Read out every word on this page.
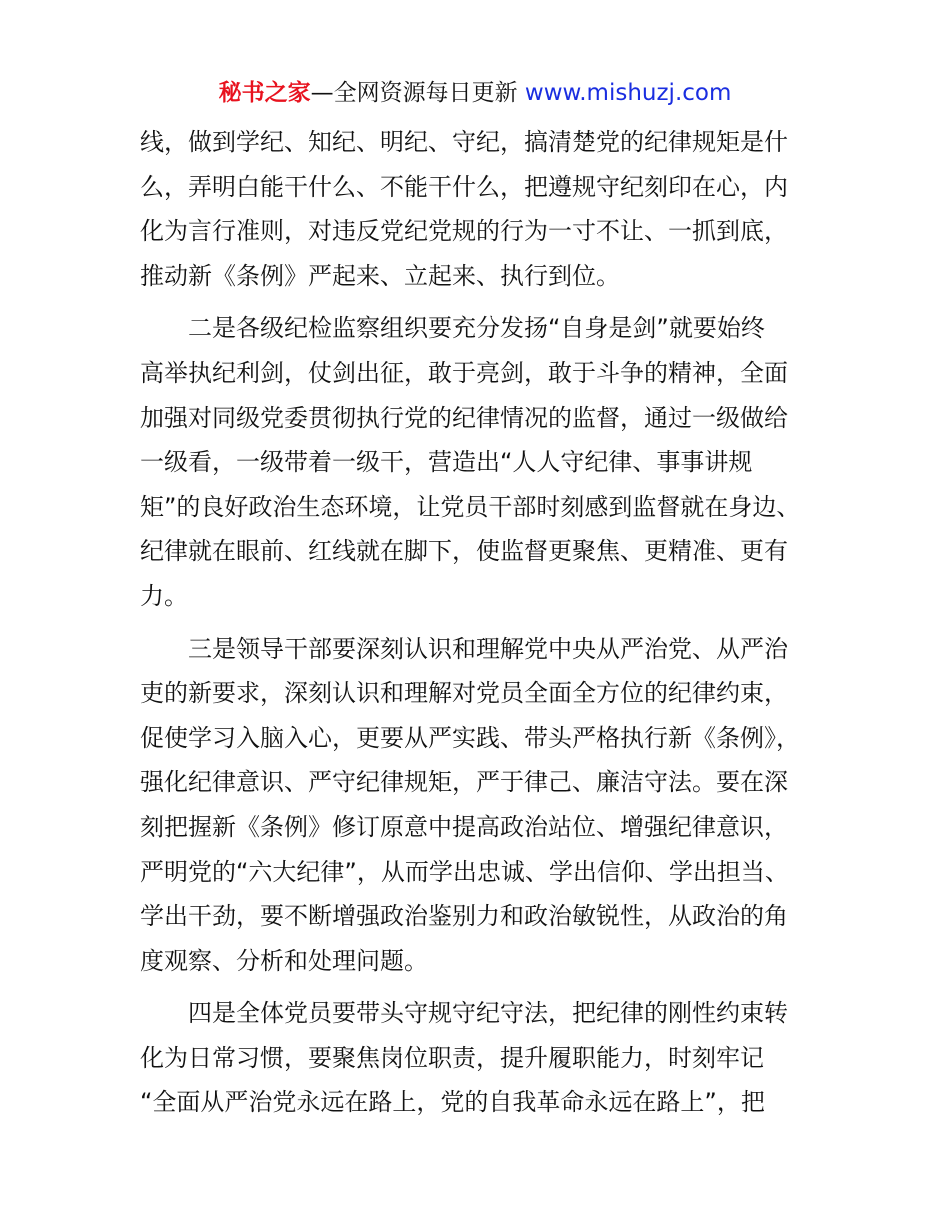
秘书之家—全网资源每日更新 www.mishuzj.com
线，做到学纪、知纪、明纪、守纪，搞清楚党的纪律规矩是什
么，弄明白能干什么、不能干什么，把遵规守纪刻印在心，内
化为言行准则，对违反党纪党规的行为一寸不让、一抓到底，
推动新《条例》严起来、立起来、执行到位。
二是各级纪检监察组织要充分发扬“自身是剑”就要始终
高举执纪利剑，仗剑出征，敢于亮剑，敢于斗争的精神，全面
加强对同级党委贯彻执行党的纪律情况的监督，通过一级做给
一级看，一级带着一级干，营造出“人人守纪律、事事讲规
矩”的良好政治生态环境，让党员干部时刻感到监督就在身边、
纪律就在眼前、红线就在脚下，使监督更聚焦、更精准、更有
力。
三是领导干部要深刻认识和理解党中央从严治党、从严治
吏的新要求，深刻认识和理解对党员全面全方位的纪律约束，
促使学习入脑入心，更要从严实践、带头严格执行新《条例》，
强化纪律意识、严守纪律规矩，严于律己、廉洁守法。要在深
刻把握新《条例》修订原意中提高政治站位、增强纪律意识，
严明党的“六大纪律”，从而学出忠诚、学出信仰、学出担当、
学出干劲，要不断增强政治鉴别力和政治敏锐性，从政治的角
度观察、分析和处理问题。
四是全体党员要带头守规守纪守法，把纪律的刚性约束转
化为日常习惯，要聚焦岗位职责，提升履职能力，时刻牢记
“全面从严治党永远在路上，党的自我革命永远在路上”，把
